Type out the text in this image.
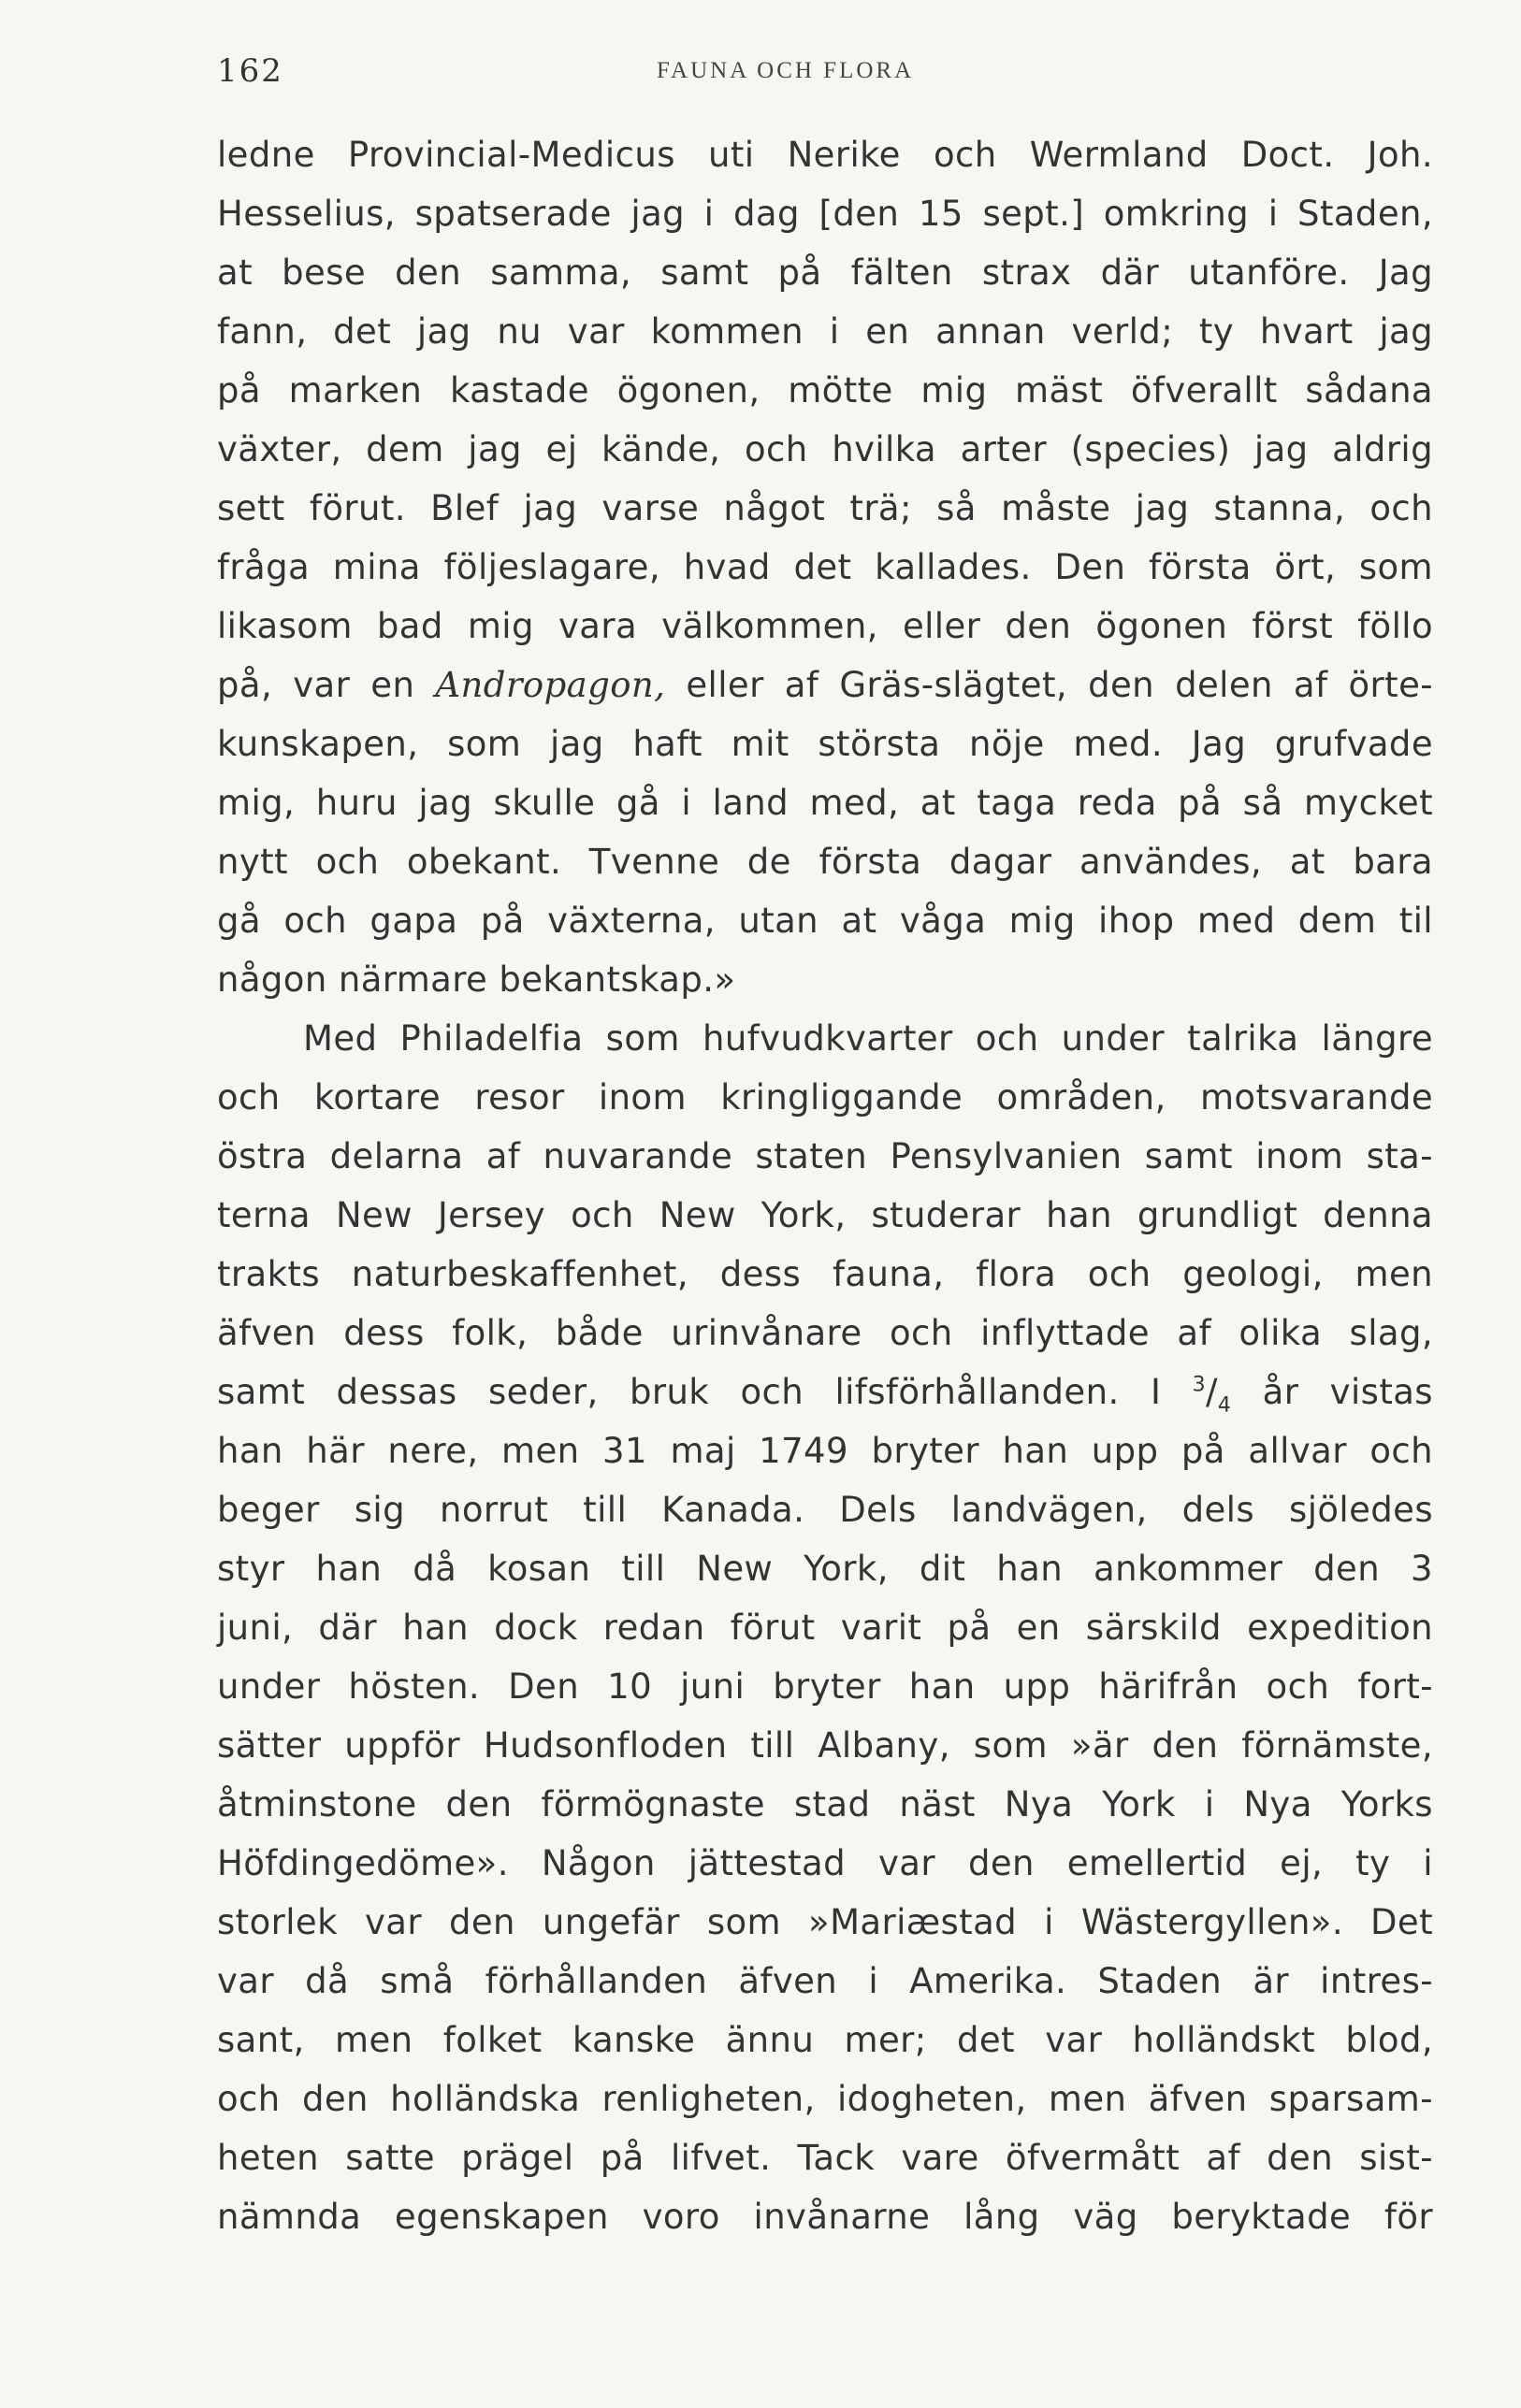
162	FAUNA OCH FLORA
ledne Provincial-Medicus uti Nerike och Wermland Doct. Joh.
Hesselius, spatserade jag i dag [den 15 sept.] omkring i Staden,
at bese den samma, samt på fälten strax där utanföre. Jag
fann, det jag nu var kommen i en annan verld; ty hvart jag
på marken kastade ögonen, mötte mig mäst öfverallt sådana
växter, dem jag ej kände, och hvilka arter (species) jag aldrig
sett förut. Blef jag varse något trä; så måste jag stanna, och
fråga mina följeslagare, hvad det kallades. Den första ört, som
likasom bad mig vara välkommen, eller den ögonen först föllo
på, var en Andropagon, eller af Gräs-slägtet, den delen af örte-
kunskapen, som jag haft mit största nöje med. Jag grufvade
mig, huru jag skulle gå i land med, at taga reda på så mycket
nytt och obekant. Tvenne de första dagar användes, at bara
gå och gapa på växterna, utan at våga mig ihop med dem til
någon närmare bekantskap.»
Med Philadelfia som hufvudkvarter och under talrika längre
och kortare resor inom kringliggande områden, motsvarande
östra delarna af nuvarande staten Pensylvanien samt inom sta-
terna New Jersey och New York, studerar han grundligt denna
trakts naturbeskaffenhet, dess fauna, flora och geologi, men
äfven dess folk, både urinvånare och inflyttade af olika slag,
samt dessas seder, bruk och lifsförhållanden. I $^3/_4$ år vistas
han här nere, men 31 maj 1749 bryter han upp på allvar och
beger sig norrut till Kanada. Dels landvägen, dels sjöledes
styr han då kosan till New York, dit han ankommer den 3
juni, där han dock redan förut varit på en särskild expedition
under hösten. Den 10 juni bryter han upp härifrån och fort-
sätter uppför Hudsonfloden till Albany, som »är den förnämste,
åtminstone den förmögnaste stad näst Nya York i Nya Yorks
Höfdingedöme». Någon jättestad var den emellertid ej, ty i
storlek var den ungefär som »Mariæstad i Wästergyllen». Det
var då små förhållanden äfven i Amerika. Staden är intres-
sant, men folket kanske ännu mer; det var holländskt blod,
och den holländska renligheten, idogheten, men äfven sparsam-
heten satte prägel på lifvet. Tack vare öfvermått af den sist-
nämnda egenskapen voro invånarne lång väg beryktade för
